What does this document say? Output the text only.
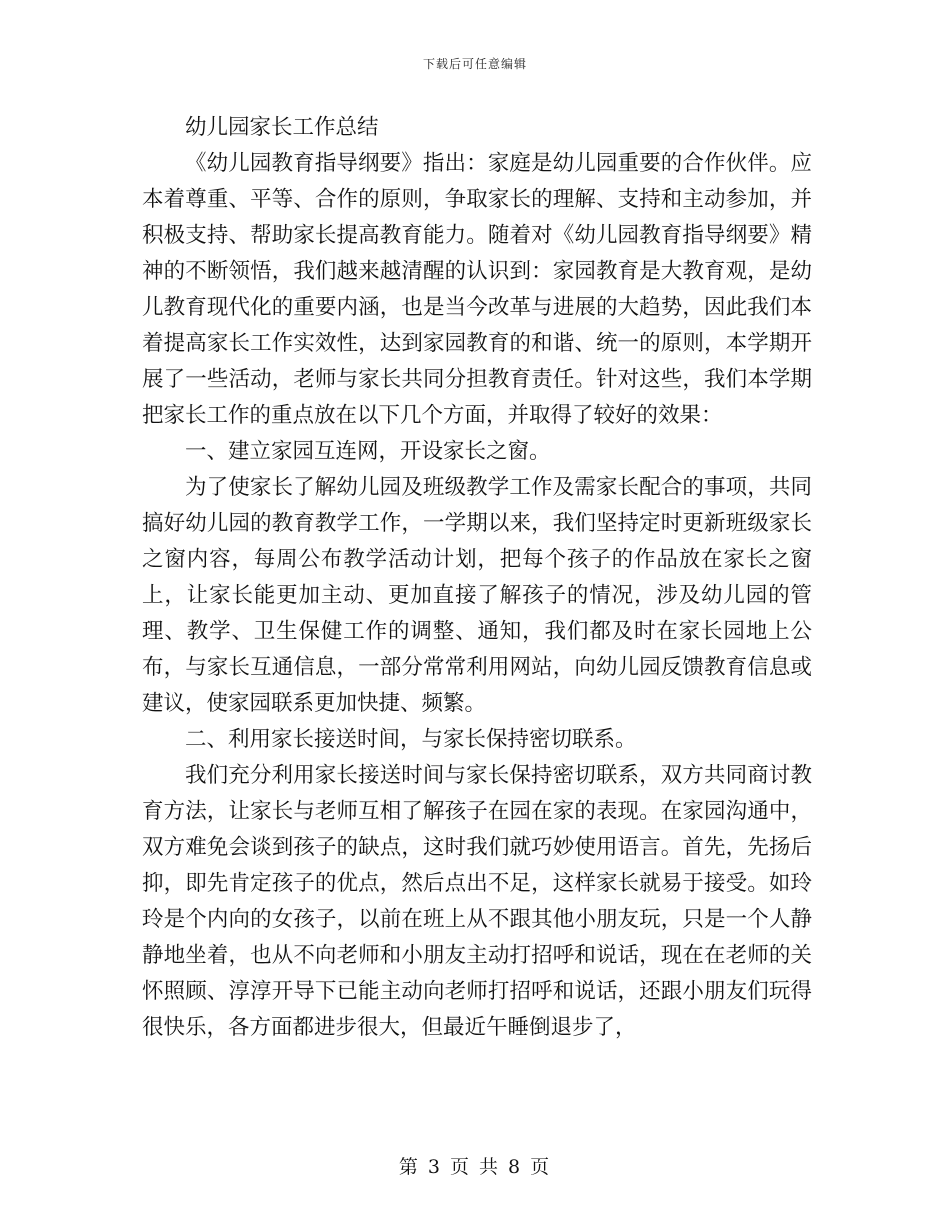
下载后可任意编辑
幼儿园家长工作总结

《幼儿园教育指导纲要》指出：家庭是幼儿园重要的合作伙伴。应本着尊重、平等、合作的原则，争取家长的理解、支持和主动参加，并积极支持、帮助家长提高教育能力。随着对《幼儿园教育指导纲要》精神的不断领悟，我们越来越清醒的认识到：家园教育是大教育观，是幼儿教育现代化的重要内涵，也是当今改革与进展的大趋势，因此我们本着提高家长工作实效性，达到家园教育的和谐、统一的原则，本学期开展了一些活动，老师与家长共同分担教育责任。针对这些，我们本学期把家长工作的重点放在以下几个方面，并取得了较好的效果：

一、建立家园互连网，开设家长之窗。

为了使家长了解幼儿园及班级教学工作及需家长配合的事项，共同搞好幼儿园的教育教学工作，一学期以来，我们坚持定时更新班级家长之窗内容，每周公布教学活动计划，把每个孩子的作品放在家长之窗上，让家长能更加主动、更加直接了解孩子的情况，涉及幼儿园的管理、教学、卫生保健工作的调整、通知，我们都及时在家长园地上公布，与家长互通信息，一部分常常利用网站，向幼儿园反馈教育信息或建议，使家园联系更加快捷、频繁。

二、利用家长接送时间，与家长保持密切联系。

我们充分利用家长接送时间与家长保持密切联系，双方共同商讨教育方法，让家长与老师互相了解孩子在园在家的表现。在家园沟通中，双方难免会谈到孩子的缺点，这时我们就巧妙使用语言。首先，先扬后抑，即先肯定孩子的优点，然后点出不足，这样家长就易于接受。如玲玲是个内向的女孩子，以前在班上从不跟其他小朋友玩，只是一个人静静地坐着，也从不向老师和小朋友主动打招呼和说话，现在在老师的关怀照顾、淳淳开导下已能主动向老师打招呼和说话，还跟小朋友们玩得很快乐，各方面都进步很大，但最近午睡倒退步了，

第 3 页 共 8 页
